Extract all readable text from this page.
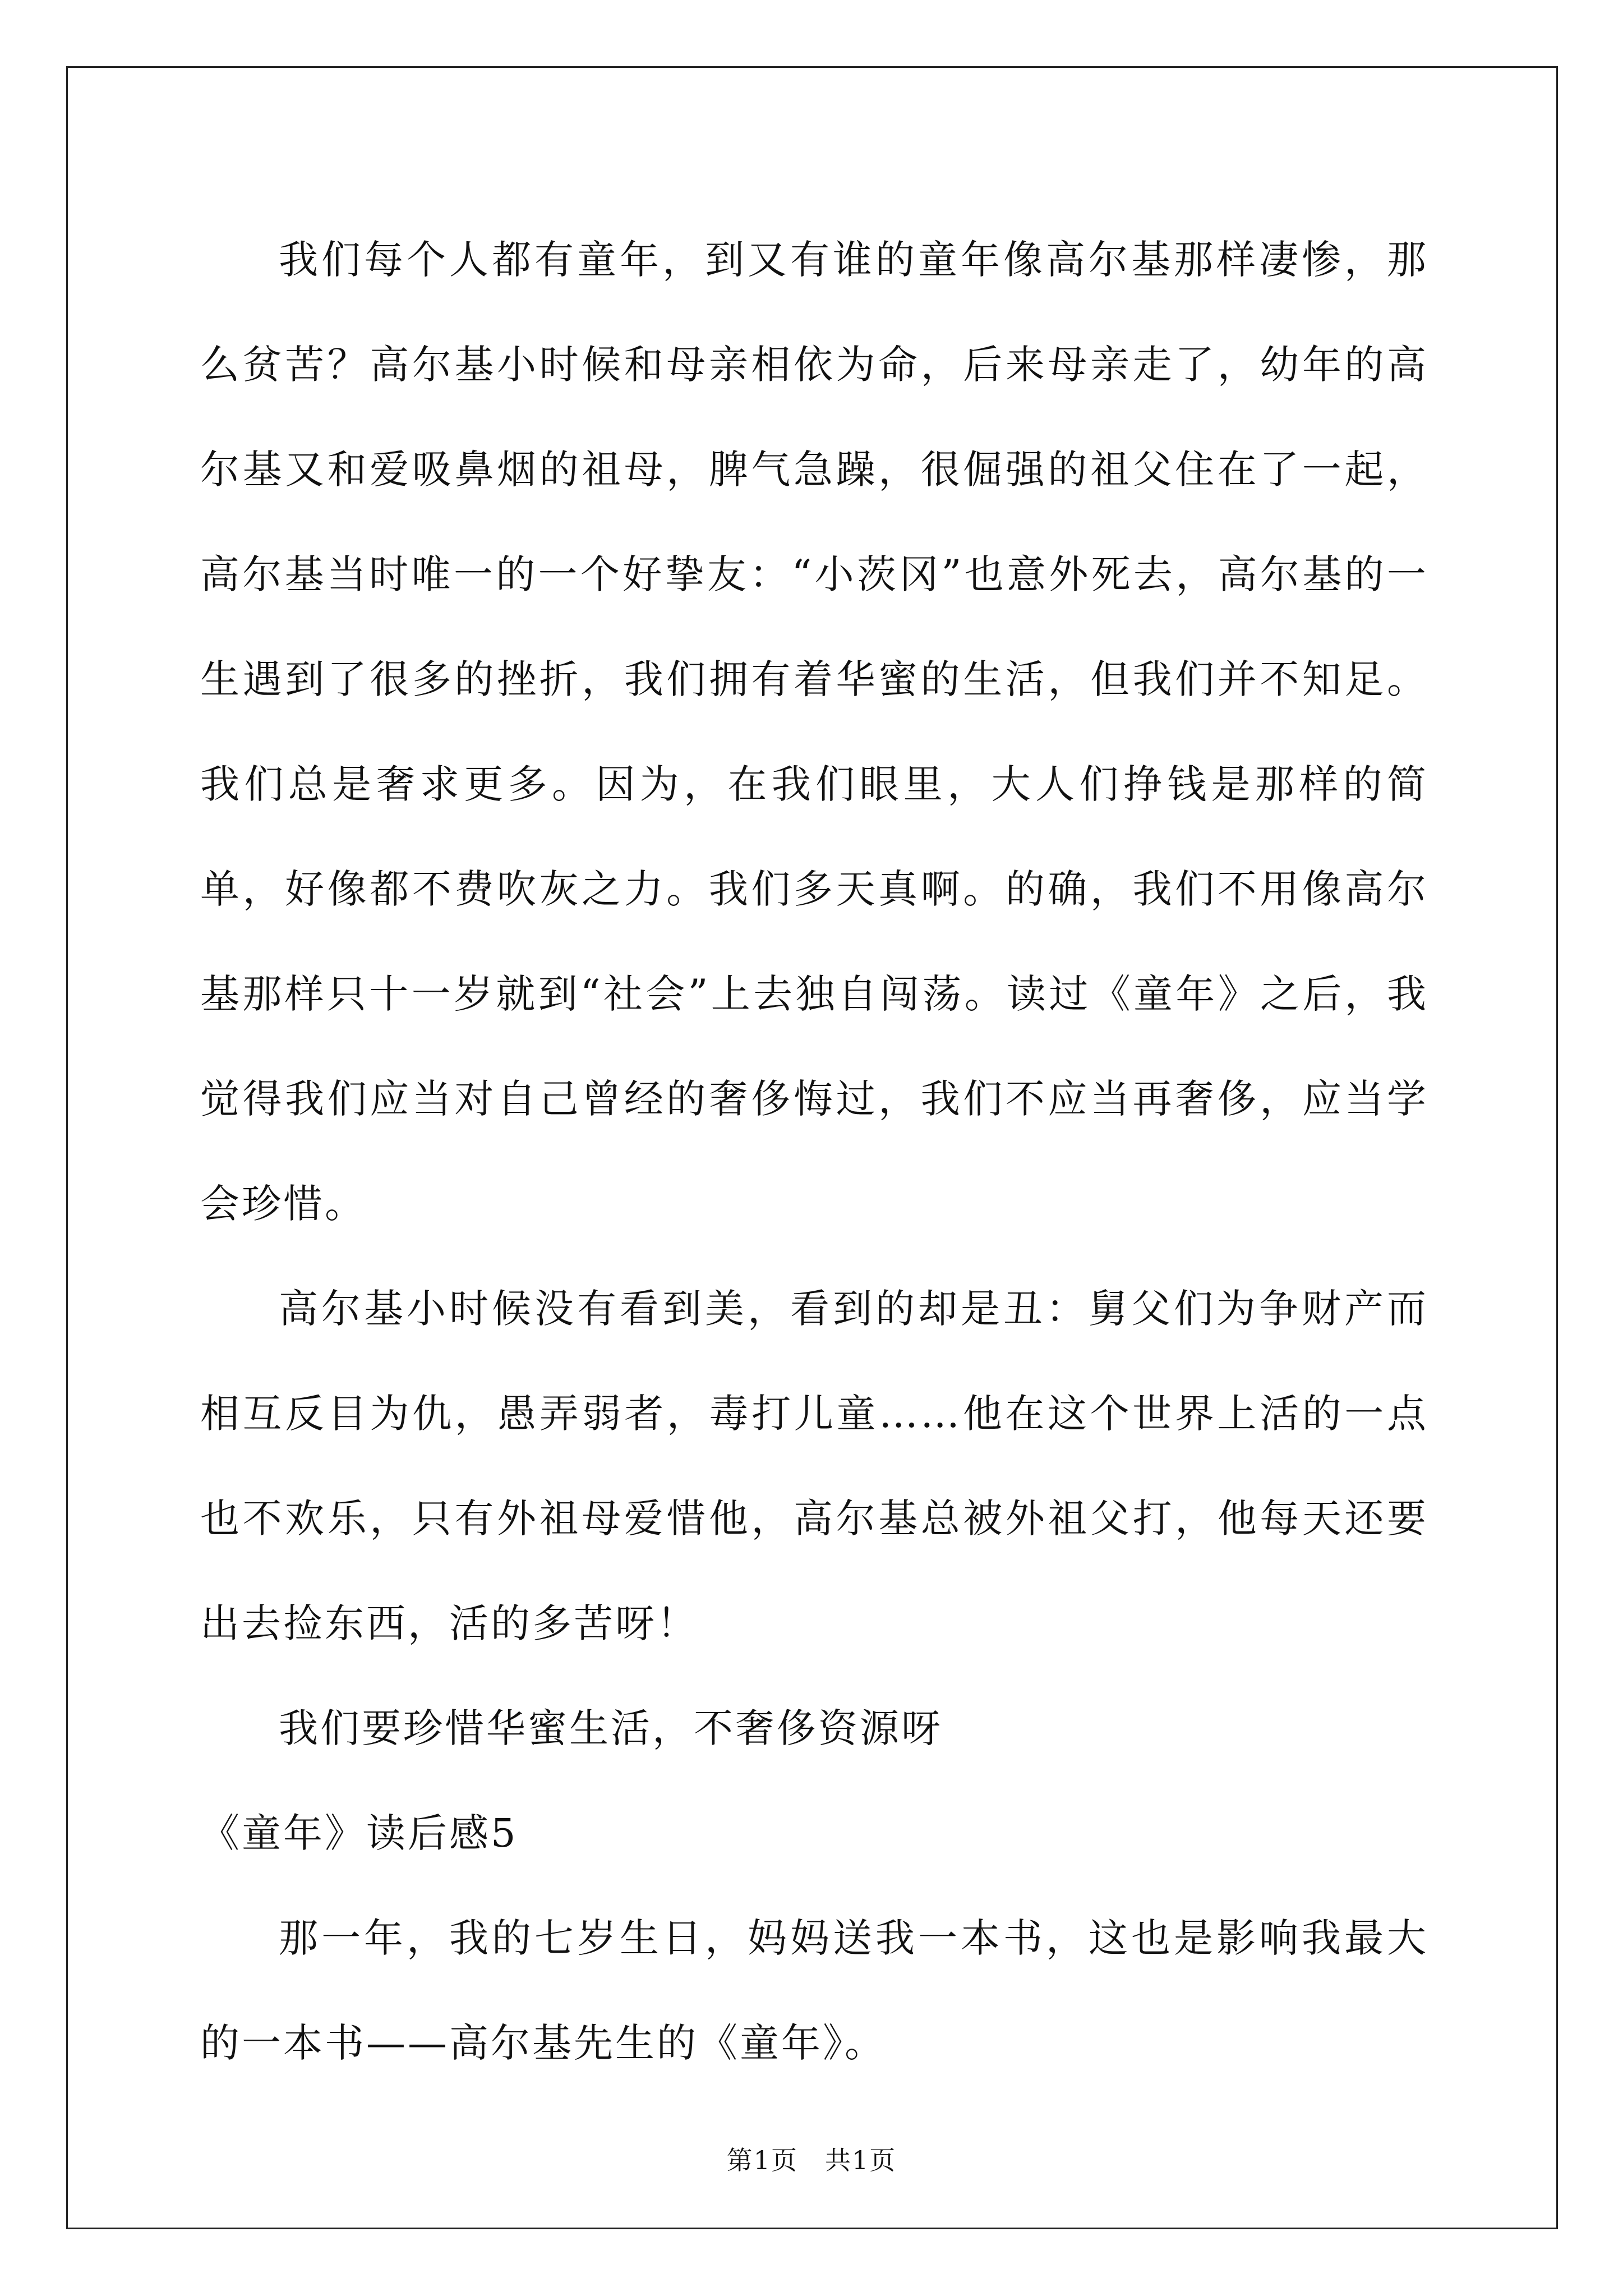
我们每个人都有童年，到又有谁的童年像高尔基那样凄惨，那么贫苦？高尔基小时候和母亲相依为命，后来母亲走了，幼年的高尔基又和爱吸鼻烟的祖母，脾气急躁，很倔强的祖父住在了一起，高尔基当时唯一的一个好挚友：“小茨冈”也意外死去，高尔基的一生遇到了很多的挫折，我们拥有着华蜜的生活，但我们并不知足。我们总是奢求更多。因为，在我们眼里，大人们挣钱是那样的简单，好像都不费吹灰之力。我们多天真啊。的确，我们不用像高尔基那样只十一岁就到“社会”上去独自闯荡。读过《童年》之后，我觉得我们应当对自己曾经的奢侈悔过，我们不应当再奢侈，应当学会珍惜。

高尔基小时候没有看到美，看到的却是丑：舅父们为争财产而相互反目为仇，愚弄弱者，毒打儿童……他在这个世界上活的一点也不欢乐，只有外祖母爱惜他，高尔基总被外祖父打，他每天还要出去捡东西，活的多苦呀！

我们要珍惜华蜜生活，不奢侈资源呀

《童年》读后感5

那一年，我的七岁生日，妈妈送我一本书，这也是影响我最大的一本书——高尔基先生的《童年》。

第1页　共1页
